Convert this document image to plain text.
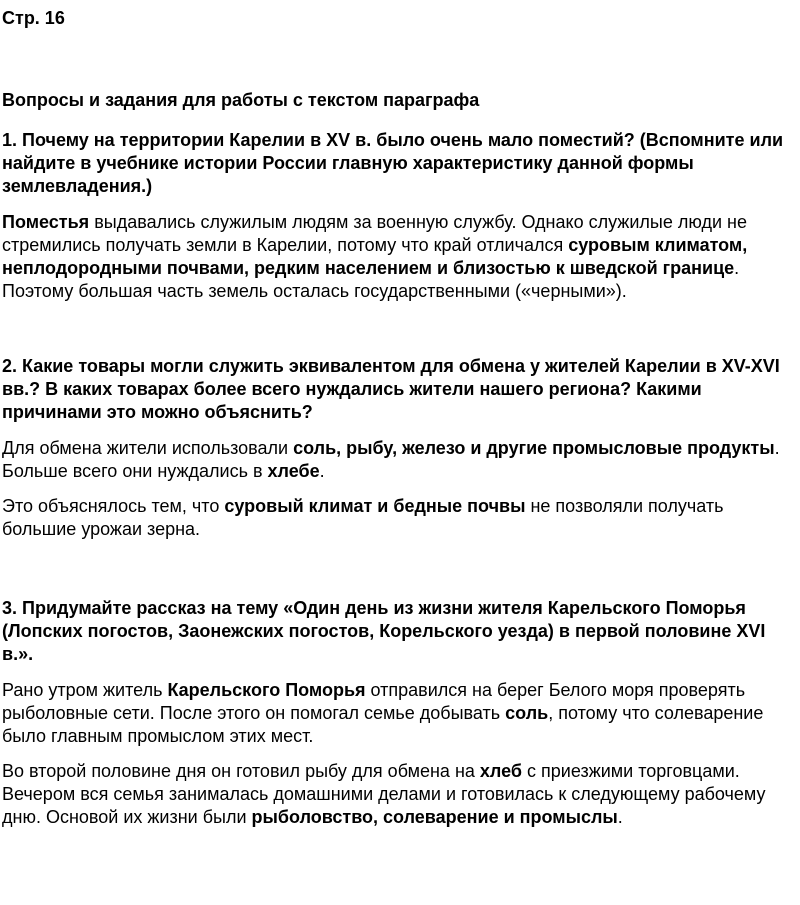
Стр. 16

Вопросы и задания для работы с текстом параграфа

1. Почему на территории Карелии в XV в. было очень мало поместий? (Вспомните или найдите в учебнике истории России главную характеристику данной формы землевладения.)

Поместья выдавались служилым людям за военную службу. Однако служилые люди не стремились получать земли в Карелии, потому что край отличался суровым климатом, неплодородными почвами, редким населением и близостью к шведской границе. Поэтому большая часть земель осталась государственными («черными»).

2. Какие товары могли служить эквивалентом для обмена у жителей Карелии в XV-XVI вв.? В каких товарах более всего нуждались жители нашего региона? Какими причинами это можно объяснить?

Для обмена жители использовали соль, рыбу, железо и другие промысловые продукты. Больше всего они нуждались в хлебе.

Это объяснялось тем, что суровый климат и бедные почвы не позволяли получать большие урожаи зерна.

3. Придумайте рассказ на тему «Один день из жизни жителя Карельского Поморья (Лопских погостов, Заонежских погостов, Корельского уезда) в первой половине XVI в.».

Рано утром житель Карельского Поморья отправился на берег Белого моря проверять рыболовные сети. После этого он помогал семье добывать соль, потому что солеварение было главным промыслом этих мест.

Во второй половине дня он готовил рыбу для обмена на хлеб с приезжими торговцами. Вечером вся семья занималась домашними делами и готовилась к следующему рабочему дню. Основой их жизни были рыболовство, солеварение и промыслы.
